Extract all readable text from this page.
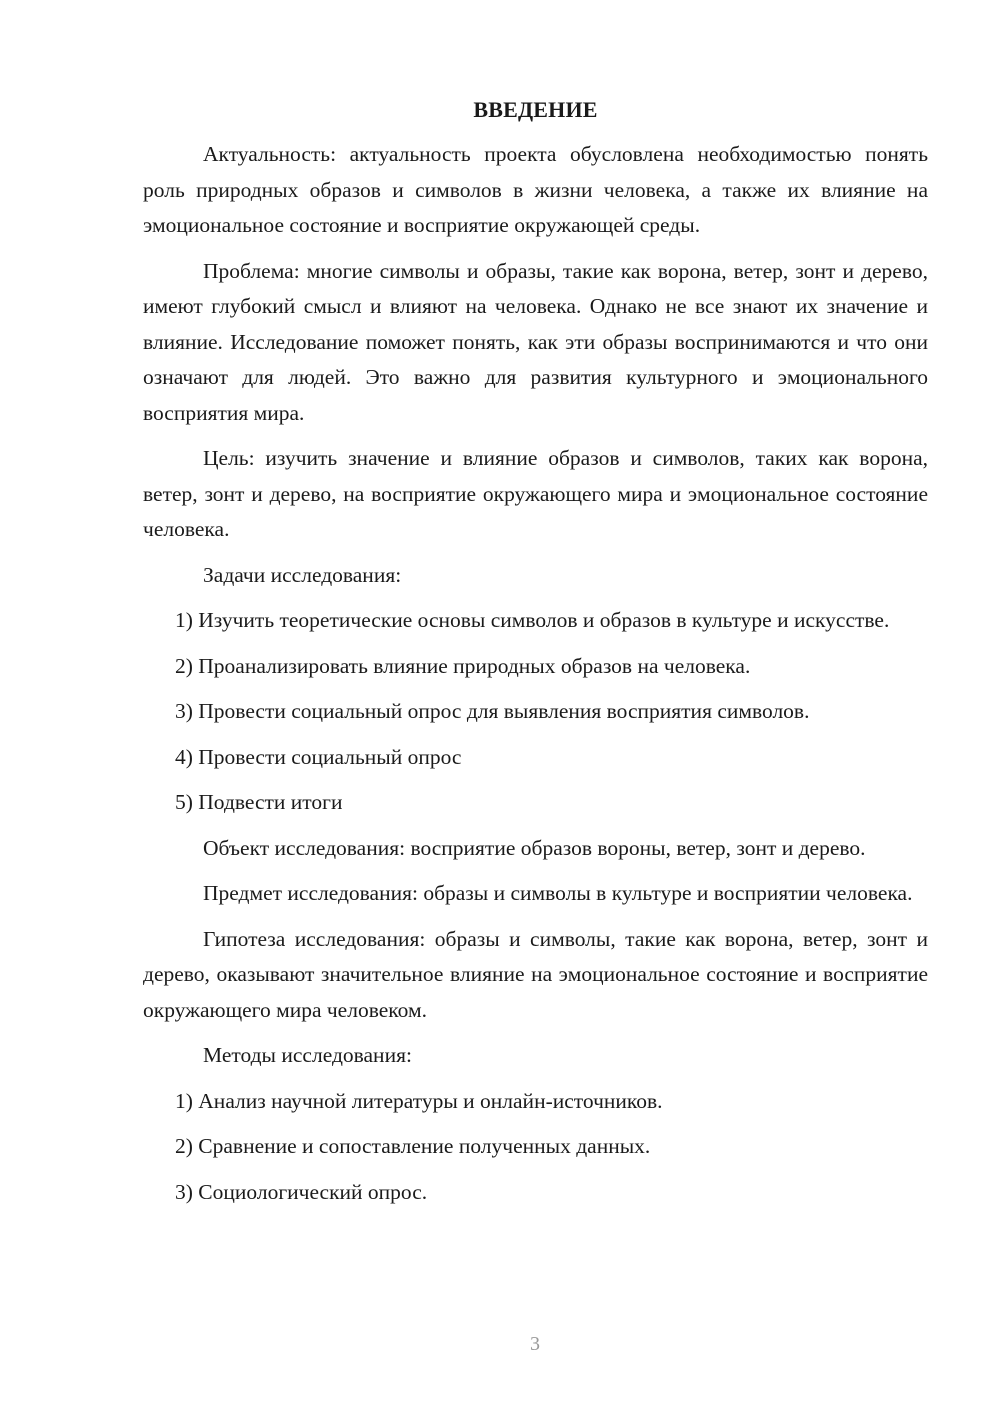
ВВЕДЕНИЕ

Актуальность: актуальность проекта обусловлена необходимостью понять роль природных образов и символов в жизни человека, а также их влияние на эмоциональное состояние и восприятие окружающей среды.

Проблема: многие символы и образы, такие как ворона, ветер, зонт и дерево, имеют глубокий смысл и влияют на человека. Однако не все знают их значение и влияние. Исследование поможет понять, как эти образы воспринимаются и что они означают для людей. Это важно для развития культурного и эмоционального восприятия мира.

Цель: изучить значение и влияние образов и символов, таких как ворона, ветер, зонт и дерево, на восприятие окружающего мира и эмоциональное состояние человека.

Задачи исследования:

1) Изучить теоретические основы символов и образов в культуре и искусстве.

2) Проанализировать влияние природных образов на человека.

3) Провести социальный опрос для выявления восприятия символов.

4) Провести социальный опрос

5) Подвести итоги

Объект исследования: восприятие образов вороны, ветер, зонт и дерево.

Предмет исследования: образы и символы в культуре и восприятии человека.

Гипотеза исследования: образы и символы, такие как ворона, ветер, зонт и дерево, оказывают значительное влияние на эмоциональное состояние и восприятие окружающего мира человеком.

Методы исследования:

1) Анализ научной литературы и онлайн-источников.

2) Сравнение и сопоставление полученных данных.

3) Социологический опрос.

3
